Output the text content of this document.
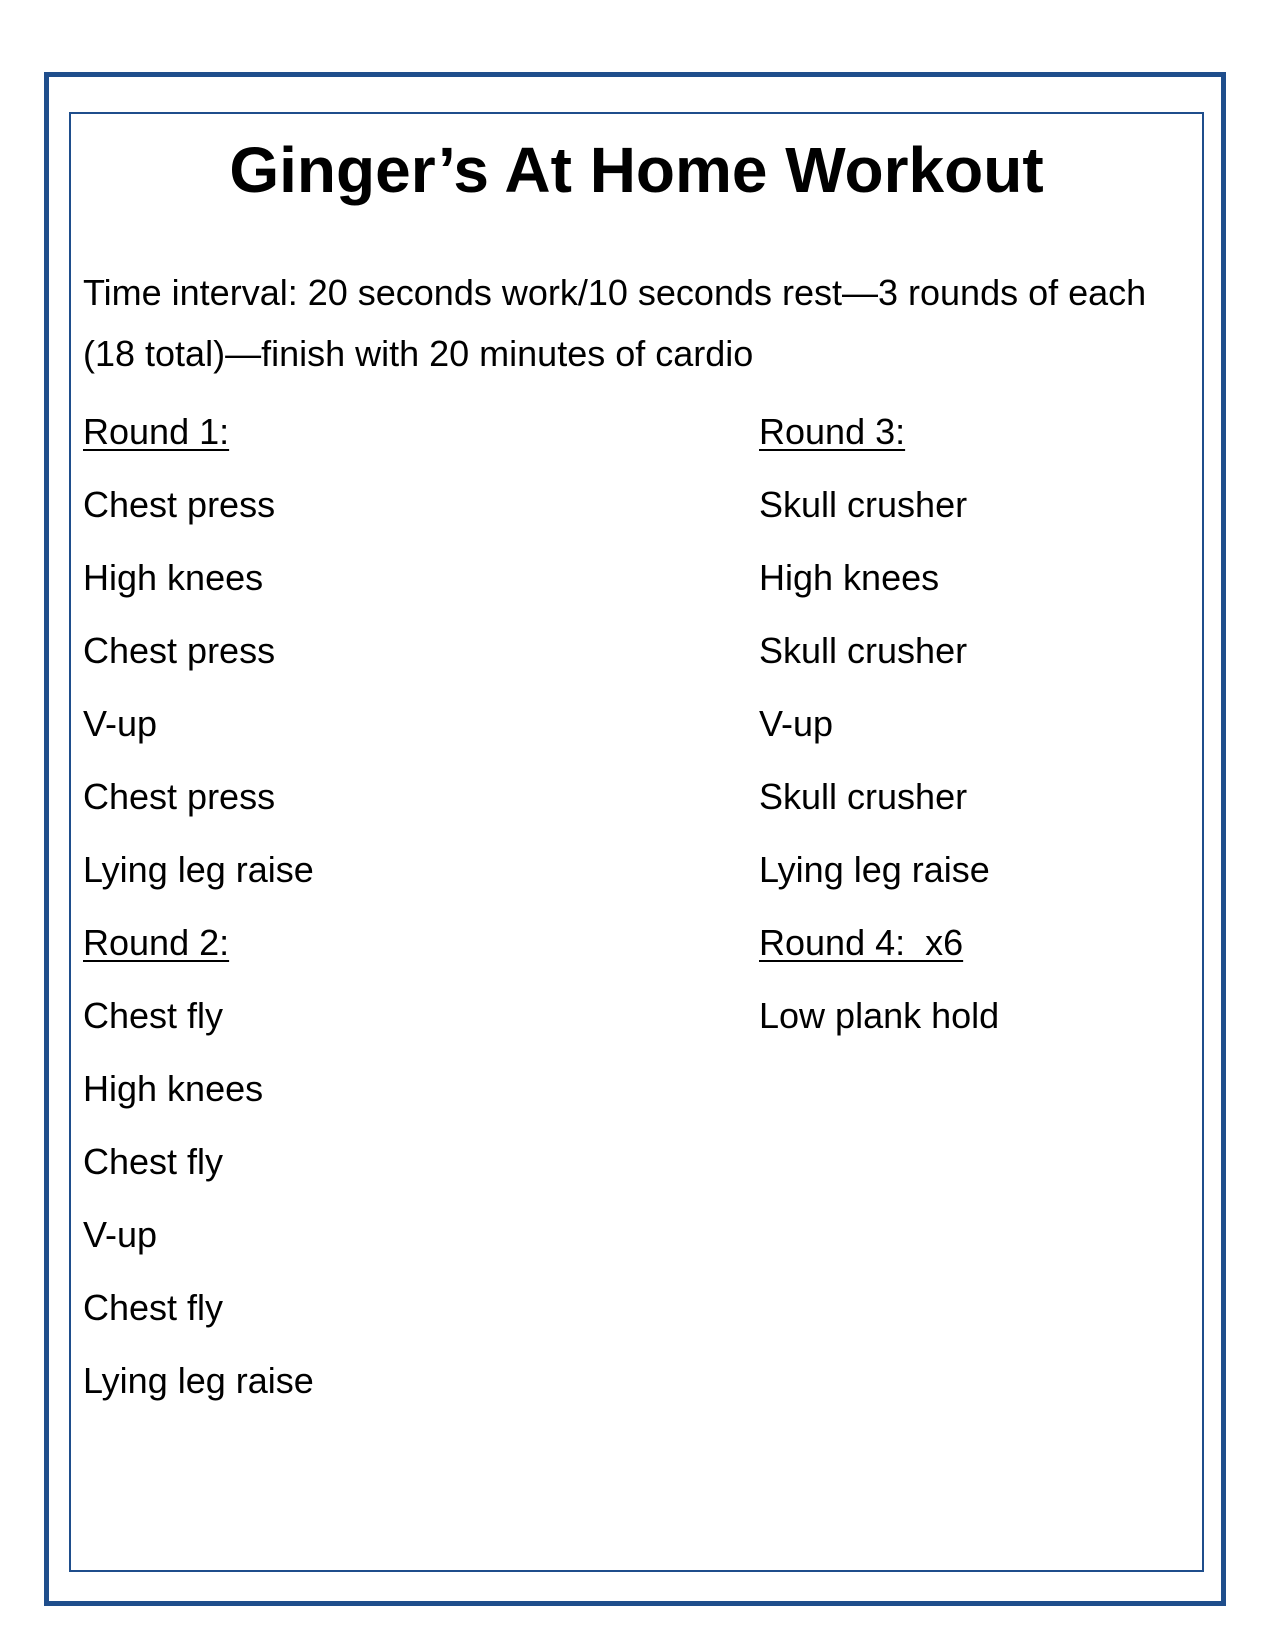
Ginger’s At Home Workout

Time interval: 20 seconds work/10 seconds rest—3 rounds of each (18 total)—finish with 20 minutes of cardio

Round 1:
Chest press
High knees
Chest press
V-up
Chest press
Lying leg raise
Round 2:
Chest fly
High knees
Chest fly
V-up
Chest fly
Lying leg raise
Round 3:
Skull crusher
High knees
Skull crusher
V-up
Skull crusher
Lying leg raise
Round 4:  x6
Low plank hold
